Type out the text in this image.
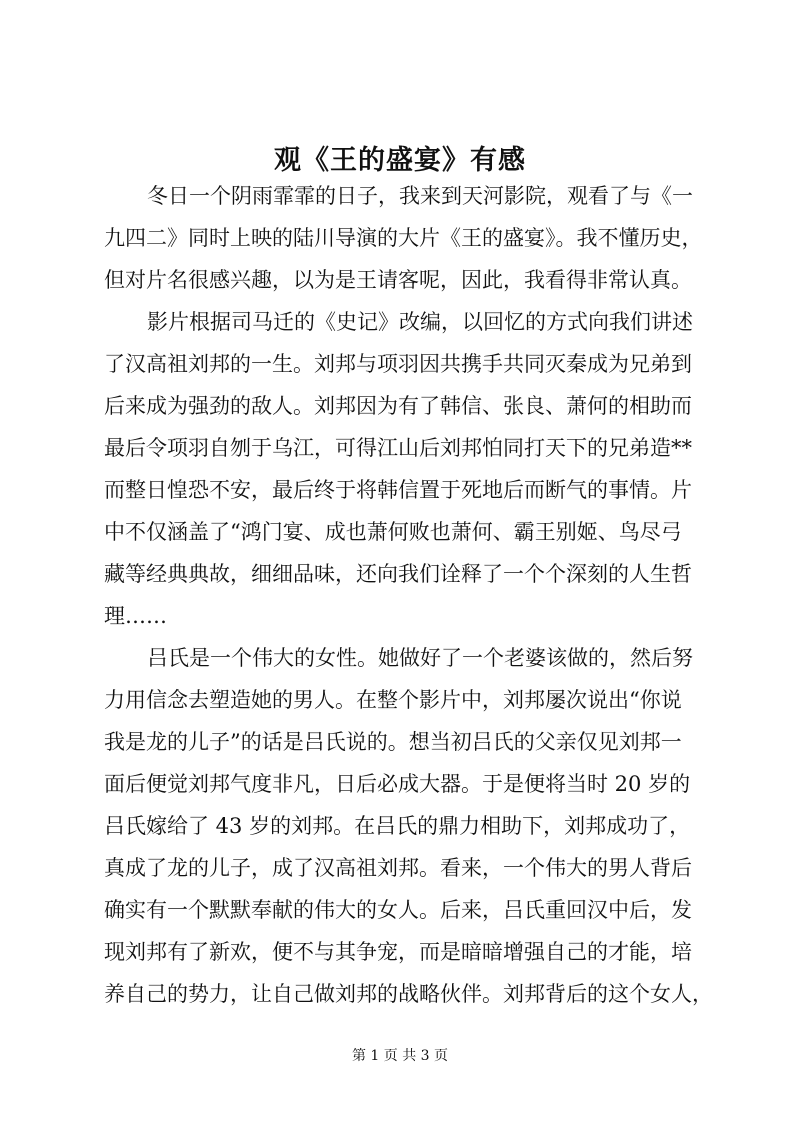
观《王的盛宴》有感
冬日一个阴雨霏霏的日子，我来到天河影院，观看了与《一
九四二》同时上映的陆川导演的大片《王的盛宴》。我不懂历史，
但对片名很感兴趣，以为是王请客呢，因此，我看得非常认真。
影片根据司马迁的《史记》改编，以回忆的方式向我们讲述
了汉高祖刘邦的一生。刘邦与项羽因共携手共同灭秦成为兄弟到
后来成为强劲的敌人。刘邦因为有了韩信、张良、萧何的相助而
最后令项羽自刎于乌江，可得江山后刘邦怕同打天下的兄弟造**
而整日惶恐不安，最后终于将韩信置于死地后而断气的事情。片
中不仅涵盖了“鸿门宴、成也萧何败也萧何、霸王别姬、鸟尽弓
藏等经典典故，细细品味，还向我们诠释了一个个深刻的人生哲
理……
吕氏是一个伟大的女性。她做好了一个老婆该做的，然后努
力用信念去塑造她的男人。在整个影片中，刘邦屡次说出“你说
我是龙的儿子”的话是吕氏说的。想当初吕氏的父亲仅见刘邦一
面后便觉刘邦气度非凡，日后必成大器。于是便将当时 20 岁的
吕氏嫁给了 43 岁的刘邦。在吕氏的鼎力相助下，刘邦成功了，
真成了龙的儿子，成了汉高祖刘邦。看来，一个伟大的男人背后
确实有一个默默奉献的伟大的女人。后来，吕氏重回汉中后，发
现刘邦有了新欢，便不与其争宠，而是暗暗增强自己的才能，培
养自己的势力，让自己做刘邦的战略伙伴。刘邦背后的这个女人，
第 1 页 共 3 页
